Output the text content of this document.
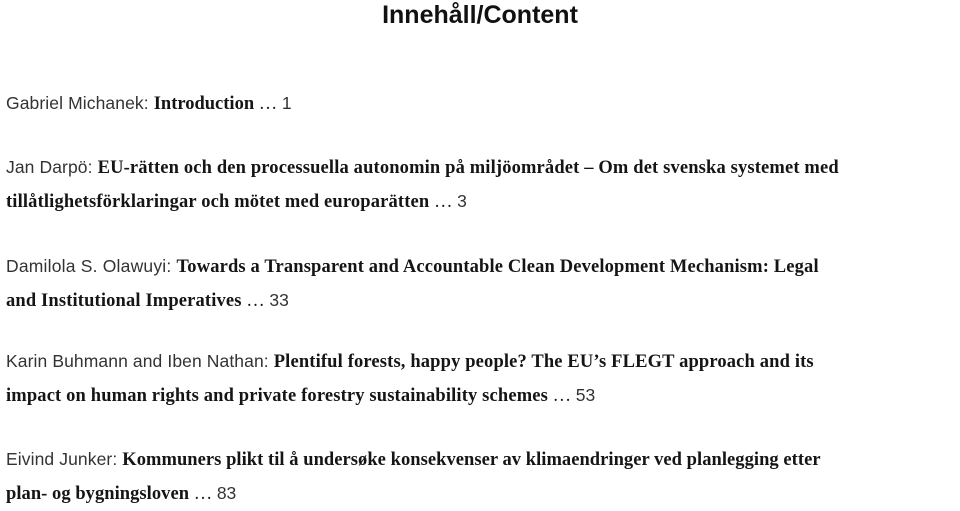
Innehåll/Content
Gabriel Michanek: Introduction … 1
Jan Darpö: EU-rätten och den processuella autonomin på miljöområdet – Om det svenska systemet med
tillåtlighetsförklaringar och mötet med europarätten … 3
Damilola S. Olawuyi: Towards a Transparent and Accountable Clean Development Mechanism: Legal
and Institutional Imperatives … 33
Karin Buhmann and Iben Nathan: Plentiful forests, happy people? The EU’s FLEGT approach and its
impact on human rights and private forestry sustainability schemes … 53
Eivind Junker: Kommuners plikt til å undersøke konsekvenser av klimaendringer ved planlegging etter
plan- og bygningsloven … 83
